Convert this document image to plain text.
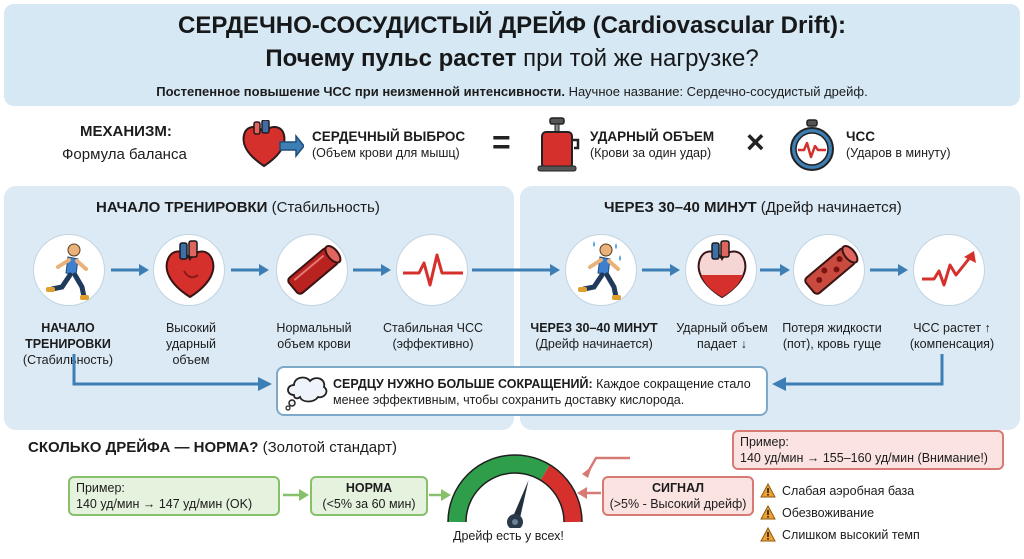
СЕРДЕЧНО-СОСУДИСТЫЙ ДРЕЙФ (Cardiovascular Drift):
Почему пульс растет при той же нагрузке?
Постепенное повышение ЧСС при неизменной интенсивности. Научное название: Сердечно-сосудистый дрейф.
МЕХАНИЗМ:
Формула баланса
СЕРДЕЧНЫЙ ВЫБРОС
(Объем крови для мышц) =	УДАРНЫЙ ОБЪЕМ
(Крови за один удар) ×	ЧСС
(Ударов в минуту)
НАЧАЛО ТРЕНИРОВКИ (Стабильность)	ЧЕРЕЗ 30–40 МИНУТ (Дрейф начинается)
НАЧАЛО ТРЕНИРОВКИ
(Стабильность)
Высокий ударный объем
Нормальный объем крови
Стабильная ЧСС (эффективно)
ЧЕРЕЗ 30–40 МИНУТ
(Дрейф начинается)
Ударный объем падает ↓
Потеря жидкости (пот), кровь гуще
ЧСС растет ↑ (компенсация)
СЕРДЦУ НУЖНО БОЛЬШЕ СОКРАЩЕНИЙ: Каждое сокращение стало менее эффективным, чтобы сохранить доставку кислорода.
СКОЛЬКО ДРЕЙФА — НОРМА? (Золотой стандарт)
Пример:
140 уд/мин → 147 уд/мин (OK)
НОРМА
(<5% за 60 мин)
Дрейф есть у всех!
СИГНАЛ
(>5% - Высокий дрейф)
Пример:
140 уд/мин → 155–160 уд/мин (Внимание!)
Слабая аэробная база
Обезвоживание
Слишком высокий темп
